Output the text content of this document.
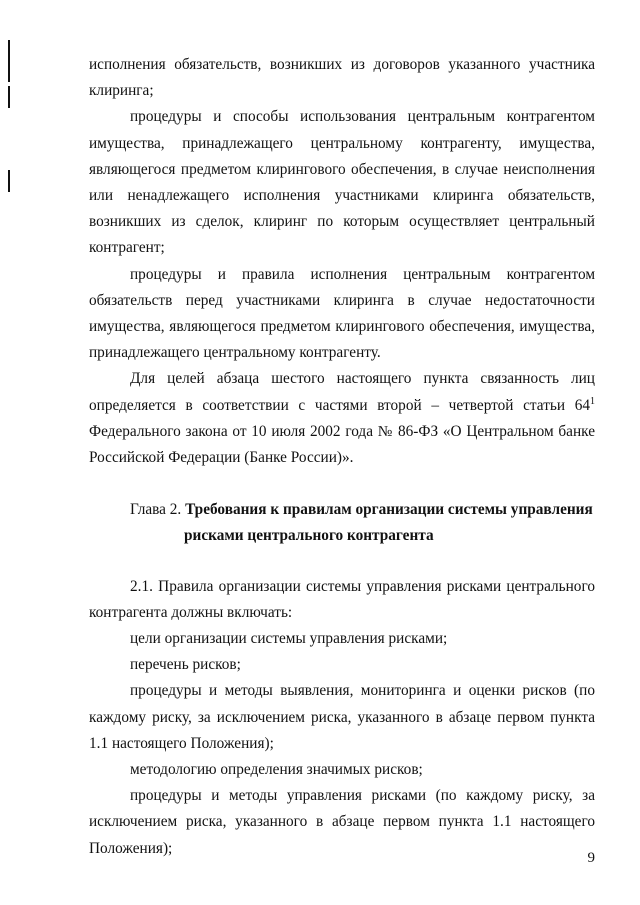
исполнения обязательств, возникших из договоров указанного участника клиринга;

процедуры и способы использования центральным контрагентом имущества, принадлежащего центральному контрагенту, имущества, являющегося предметом клирингового обеспечения, в случае неисполнения или ненадлежащего исполнения участниками клиринга обязательств, возникших из сделок, клиринг по которым осуществляет центральный контрагент;

процедуры и правила исполнения центральным контрагентом обязательств перед участниками клиринга в случае недостаточности имущества, являющегося предметом клирингового обеспечения, имущества, принадлежащего центральному контрагенту.

Для целей абзаца шестого настоящего пункта связанность лиц определяется в соответствии с частями второй – четвертой статьи $64^1$ Федерального закона от 10 июля 2002 года № 86-ФЗ «О Центральном банке Российской Федерации (Банке России)».

Глава 2. Требования к правилам организации системы управления
рисками центрального контрагента

2.1. Правила организации системы управления рисками центрального контрагента должны включать:

цели организации системы управления рисками;

перечень рисков;

процедуры и методы выявления, мониторинга и оценки рисков (по каждому риску, за исключением риска, указанного в абзаце первом пункта 1.1 настоящего Положения);

методологию определения значимых рисков;

процедуры и методы управления рисками (по каждому риску, за исключением риска, указанного в абзаце первом пункта 1.1 настоящего Положения);

9
